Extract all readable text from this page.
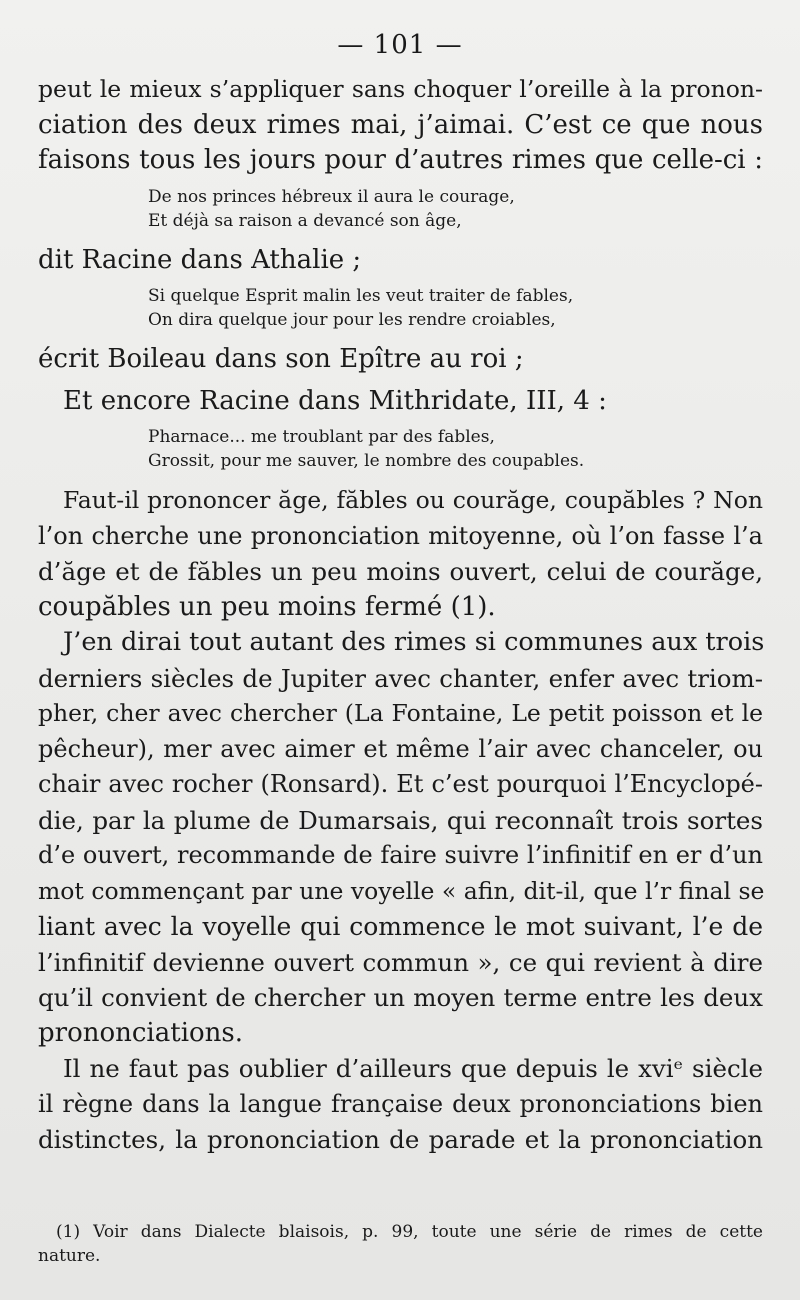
— 101 —
peut le mieux s’appliquer sans choquer l’oreille à la pronon-
ciation des deux rimes mai, j’aimai. C’est ce que nous
faisons tous les jours pour d’autres rimes que celle-ci :
De nos princes hébreux il aura le courage,
Et déjà sa raison a devancé son âge,
dit Racine dans Athalie ;
Si quelque Esprit malin les veut traiter de fables,
On dira quelque jour pour les rendre croiables,
écrit Boileau dans son Epître au roi ;
Et encore Racine dans Mithridate, III, 4 :
Pharnace... me troublant par des fables,
Grossit, pour me sauver, le nombre des coupables.
Faut-il prononcer ăge, făbles ou courăge, coupăbles ? Non
l’on cherche une prononciation mitoyenne, où l’on fasse l’a
d’ăge et de făbles un peu moins ouvert, celui de courăge,
coupăbles un peu moins fermé (1).
J’en dirai tout autant des rimes si communes aux trois
derniers siècles de Jupiter avec chanter, enfer avec triom-
pher, cher avec chercher (La Fontaine, Le petit poisson et le
pêcheur), mer avec aimer et même l’air avec chanceler, ou
chair avec rocher (Ronsard). Et c’est pourquoi l’Encyclopé-
die, par la plume de Dumarsais, qui reconnaît trois sortes
d’e ouvert, recommande de faire suivre l’infinitif en er d’un
mot commençant par une voyelle « afin, dit-il, que l’r final se
liant avec la voyelle qui commence le mot suivant, l’e de
l’infinitif devienne ouvert commun », ce qui revient à dire
qu’il convient de chercher un moyen terme entre les deux
prononciations.
Il ne faut pas oublier d’ailleurs que depuis le xviᵉ siècle
il règne dans la langue française deux prononciations bien
distinctes, la prononciation de parade et la prononciation
(1) Voir dans Dialecte blaisois, p. 99, toute une série de rimes de cette
nature.
